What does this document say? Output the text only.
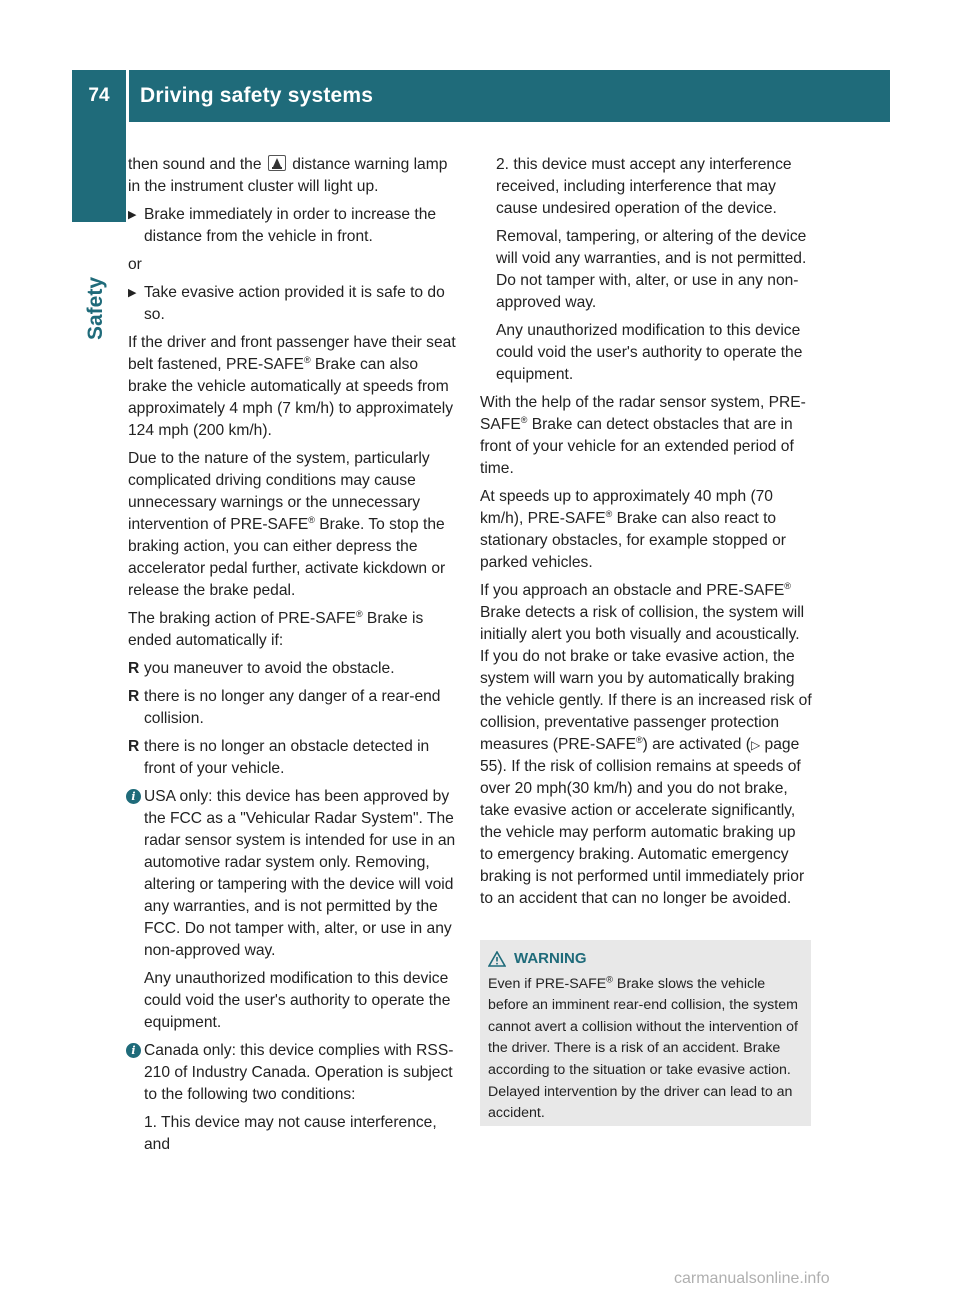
74	Driving safety systems
Safety

then sound and the distance warning lamp in the instrument cluster will light up.

▶ Brake immediately in order to increase the distance from the vehicle in front.

or

▶ Take evasive action provided it is safe to do so.

If the driver and front passenger have their seat belt fastened, PRE-SAFE® Brake can also brake the vehicle automatically at speeds from approximately 4 mph (7 km/h) to approximately 124 mph (200 km/h).

Due to the nature of the system, particularly complicated driving conditions may cause unnecessary warnings or the unnecessary intervention of PRE-SAFE® Brake. To stop the braking action, you can either depress the accelerator pedal further, activate kickdown or release the brake pedal.

The braking action of PRE-SAFE® Brake is ended automatically if:

R you maneuver to avoid the obstacle.
R there is no longer any danger of a rear-end collision.
R there is no longer an obstacle detected in front of your vehicle.
i USA only: this device has been approved by the FCC as a "Vehicular Radar System". The radar sensor system is intended for use in an automotive radar system only. Removing, altering or tampering with the device will void any warranties, and is not permitted by the FCC. Do not tamper with, alter, or use in any non-approved way.

Any unauthorized modification to this device could void the user's authority to operate the equipment.

i Canada only: this device complies with RSS-210 of Industry Canada. Operation is subject to the following two conditions:

1. This device may not cause interference, and

2. this device must accept any interference received, including interference that may cause undesired operation of the device.

Removal, tampering, or altering of the device will void any warranties, and is not permitted. Do not tamper with, alter, or use in any non-approved way.

Any unauthorized modification to this device could void the user's authority to operate the equipment.

With the help of the radar sensor system, PRE-SAFE® Brake can detect obstacles that are in front of your vehicle for an extended period of time.

At speeds up to approximately 40 mph (70 km/h), PRE-SAFE® Brake can also react to stationary obstacles, for example stopped or parked vehicles.

If you approach an obstacle and PRE-SAFE® Brake detects a risk of collision, the system will initially alert you both visually and acoustically. If you do not brake or take evasive action, the system will warn you by automatically braking the vehicle gently. If there is an increased risk of collision, preventative passenger protection measures (PRE-SAFE®) are activated (▷ page 55). If the risk of collision remains at speeds of over 20 mph(30 km/h) and you do not brake, take evasive action or accelerate significantly, the vehicle may perform automatic braking up to emergency braking. Automatic emergency braking is not performed until immediately prior to an accident that can no longer be avoided.

WARNING
Even if PRE-SAFE® Brake slows the vehicle before an imminent rear-end collision, the system cannot avert a collision without the intervention of the driver. There is a risk of an accident. Brake according to the situation or take evasive action. Delayed intervention by the driver can lead to an accident.
carmanualsonline.info
